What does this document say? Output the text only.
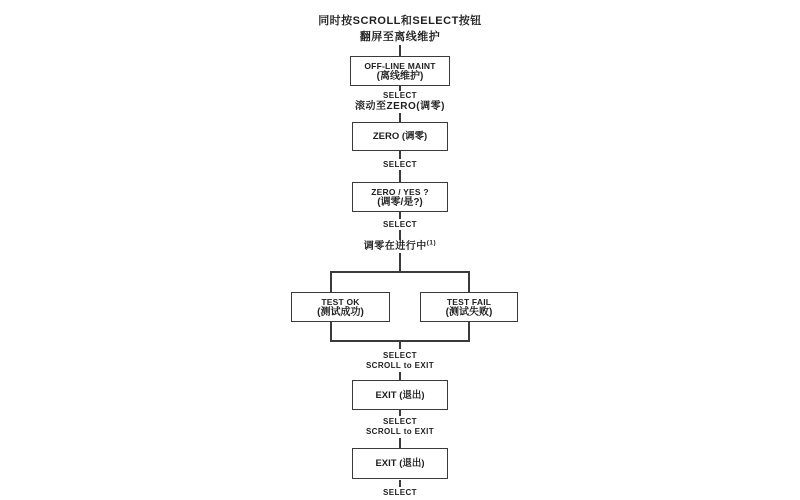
同时按SCROLL和SELECT按钮
翻屏至离线维护
OFF-LINE MAINT
(离线维护)
SELECT
滚动至ZERO(调零)
ZERO (调零)
SELECT
ZERO / YES ?
(调零/是?)
SELECT
调零在进行中$^{(1)}$
TEST OK
(测试成功)
TEST FAIL
(测试失败)
SELECT
SCROLL to EXIT
EXIT (退出)
SELECT
SCROLL to EXIT
EXIT (退出)
SELECT
